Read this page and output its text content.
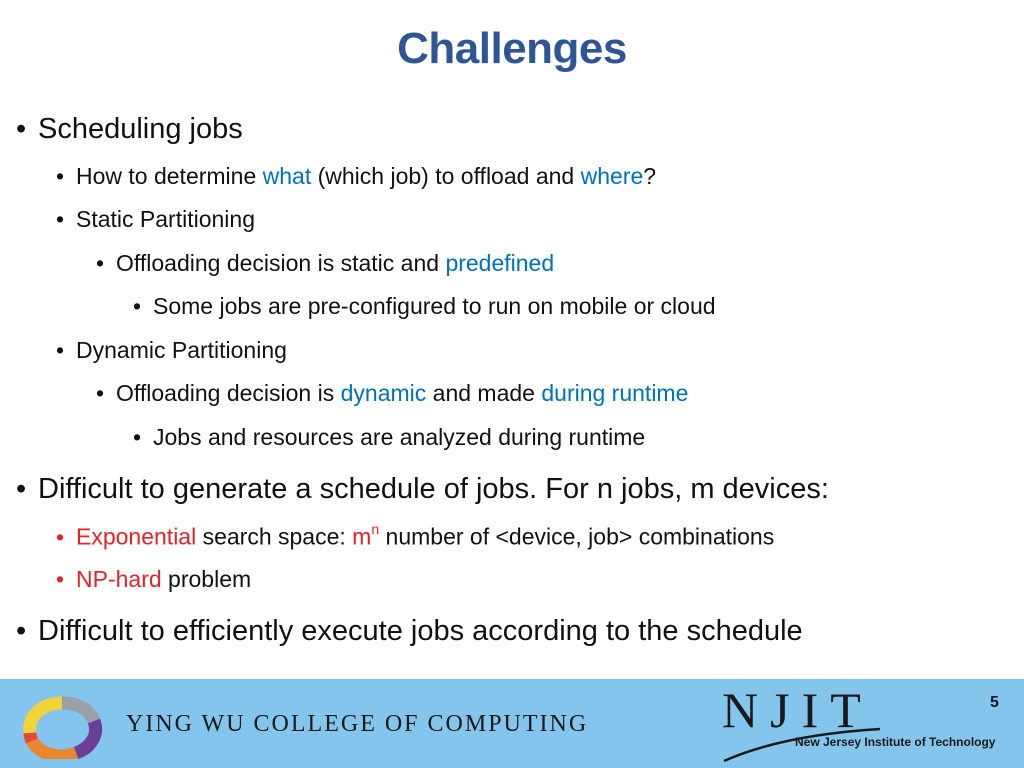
Challenges
• Scheduling jobs
• How to determine what (which job) to offload and where?
• Static Partitioning
• Offloading decision is static and predefined
• Some jobs are pre-configured to run on mobile or cloud
• Dynamic Partitioning
• Offloading decision is dynamic and made during runtime
• Jobs and resources are analyzed during runtime
• Difficult to generate a schedule of jobs. For n jobs, m devices:
• Exponential search space: $m^n$ number of <device, job> combinations
• NP-hard problem
• Difficult to efficiently execute jobs according to the schedule
YING WU COLLEGE OF COMPUTING	NJIT
New Jersey Institute of Technology
5
